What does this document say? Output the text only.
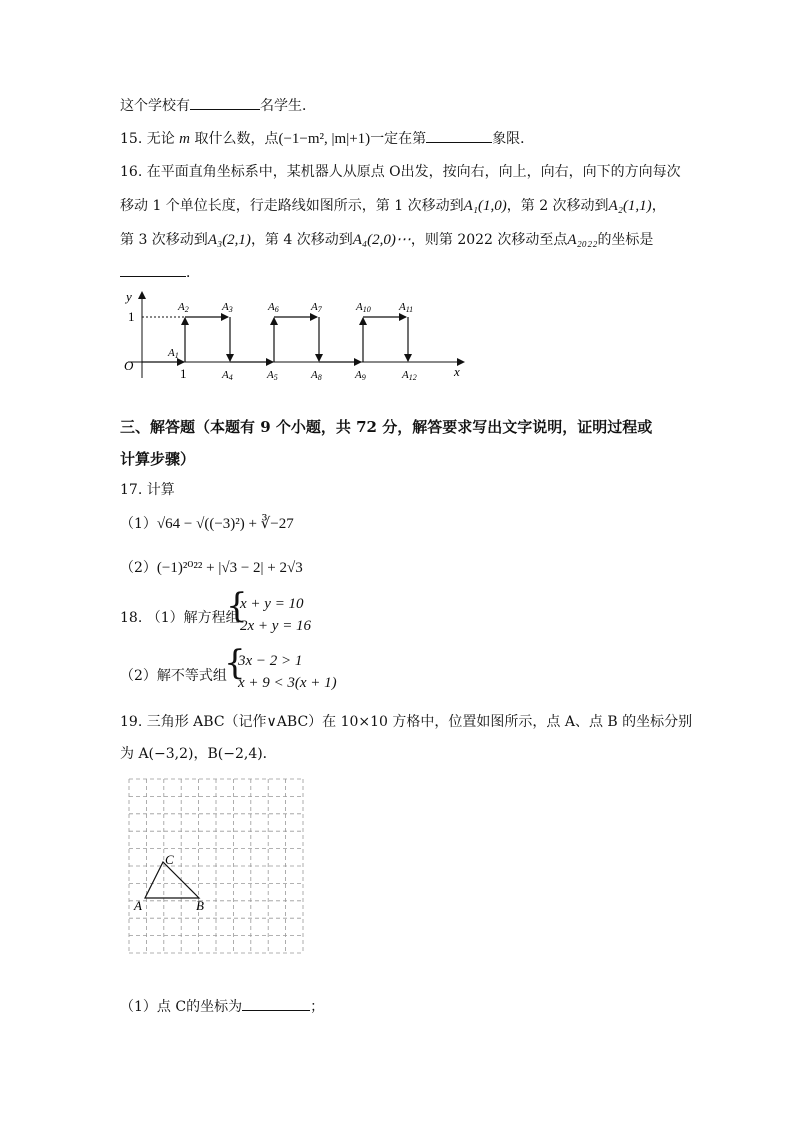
这个学校有	名学生．
15. 无论 m 取什么数，点(−1−m², |m|+1)一定在第	象限．
16. 在平面直角坐标系中，某机器人从原点 O出发，按向右，向上，向右，向下的方向每次
移动 1 个单位长度，行走路线如图所示，第 1 次移动到A₁(1,0)，第 2 次移动到A₂(1,1)，
第 3 次移动到A₃(2,1)，第 4 次移动到A₄(2,0)⋯，则第 2022 次移动至点A₂₀₂₂的坐标是
．
x
y
O
1
1
A1
A2	A3	A6	A7	A10	A11
A4	A5	A8	A9	A12
三、解答题（本题有 9 个小题，共 72 分，解答要求写出文字说明，证明过程或
计算步骤）
17. 计算
（1）√64 − √((−3)²) + ∛−27
（2）(−1)²⁰²² + |√3 − 2| + 2√3
18. （1）解方程组
{
x + y = 10
2x + y = 16
（2）解不等式组
{
3x − 2 > 1
x + 9 < 3(x + 1)
19. 三角形 ABC（记作∨ABC）在 10×10 方格中，位置如图所示，点 A、点 B 的坐标分别
为 A(−3,2)，B(−2,4)．
A	B
C
（1）点 C的坐标为	；
